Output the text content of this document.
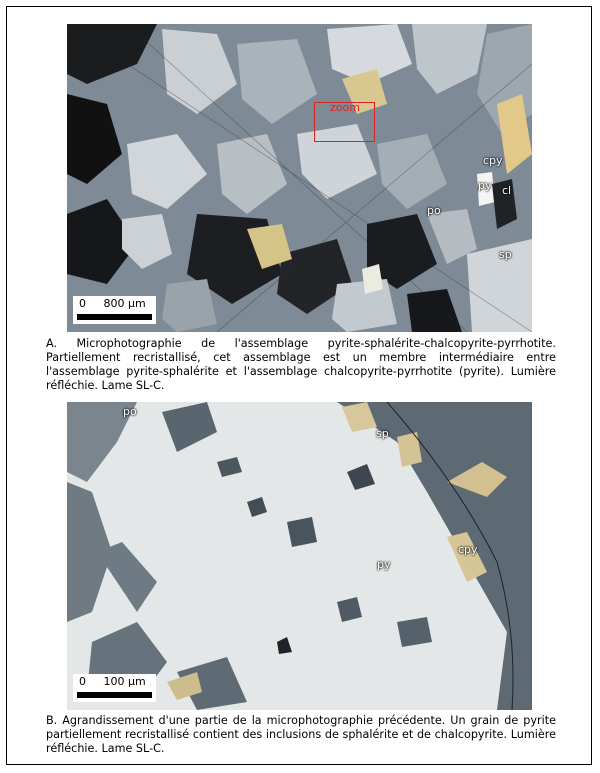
zoom
cpy
py cl
po
sp
0     800 µm
A. Microphotographie de l'assemblage pyrite-sphalérite-chalcopyrite-pyrrhotite. Partiellement recristallisé, cet assemblage est un membre intermédiaire entre l'assemblage pyrite-sphalérite et l'assemblage chalcopyrite-pyrrhotite (pyrite). Lumière réfléchie. Lame SL-C.
po
sp
cpy
py
0     100 µm
B. Agrandissement d'une partie de la microphotographie précédente. Un grain de pyrite partiellement recristallisé contient des inclusions de sphalérite et de chalcopyrite. Lumière réfléchie. Lame SL-C.
